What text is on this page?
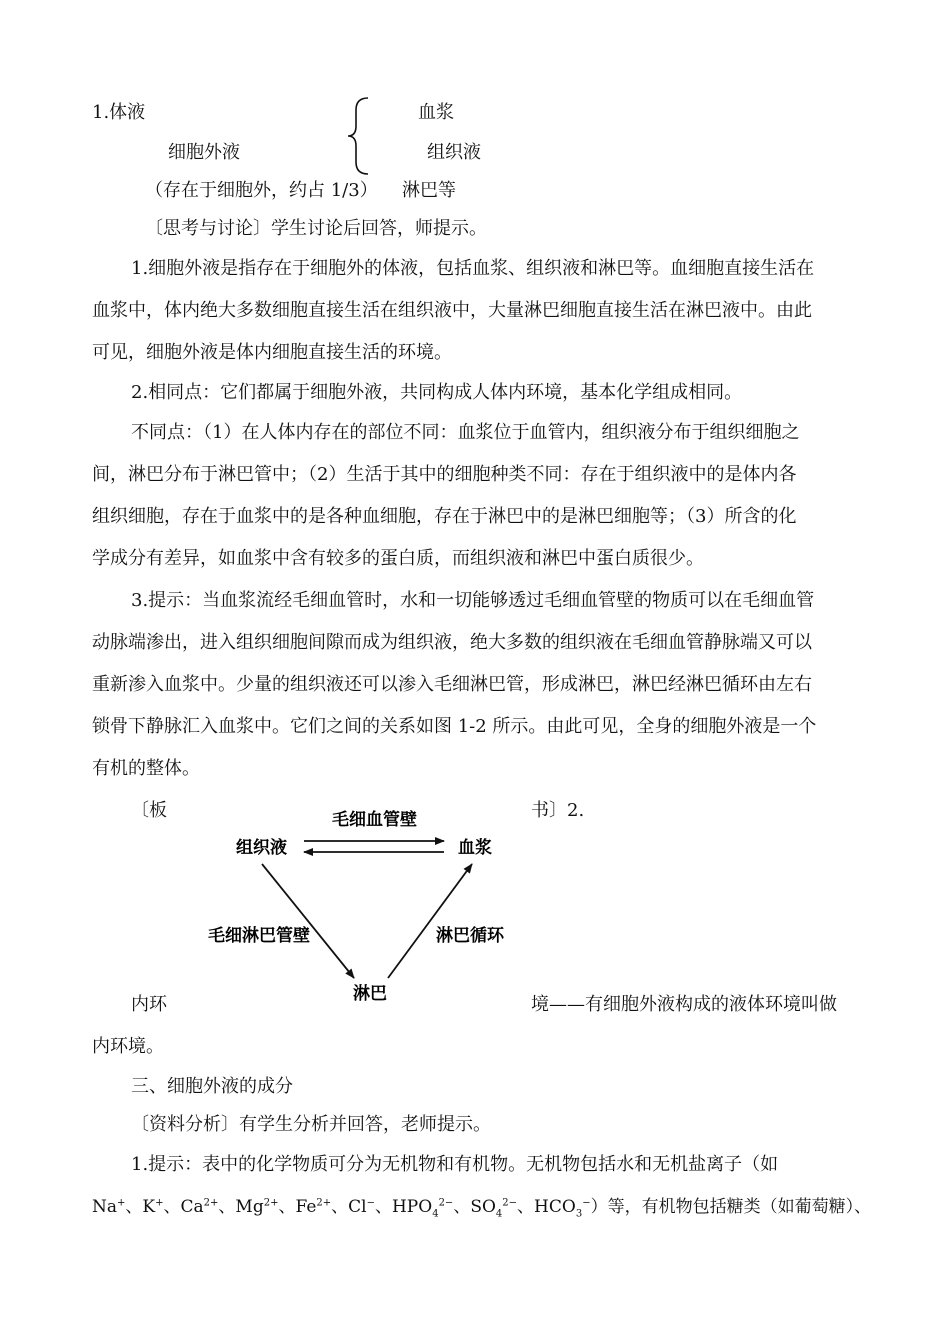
1.体液
细胞外液
（存在于细胞外，约占 1/3）
血浆
组织液
淋巴等
〔思考与讨论〕学生讨论后回答，师提示。
1.细胞外液是指存在于细胞外的体液，包括血浆、组织液和淋巴等。血细胞直接生活在
血浆中，体内绝大多数细胞直接生活在组织液中，大量淋巴细胞直接生活在淋巴液中。由此
可见，细胞外液是体内细胞直接生活的环境。
2.相同点：它们都属于细胞外液，共同构成人体内环境，基本化学组成相同。
不同点：（1）在人体内存在的部位不同：血浆位于血管内，组织液分布于组织细胞之
间，淋巴分布于淋巴管中；（2）生活于其中的细胞种类不同：存在于组织液中的是体内各
组织细胞，存在于血浆中的是各种血细胞，存在于淋巴中的是淋巴细胞等；（3）所含的化
学成分有差异，如血浆中含有较多的蛋白质，而组织液和淋巴中蛋白质很少。
3.提示：当血浆流经毛细血管时，水和一切能够透过毛细血管壁的物质可以在毛细血管
动脉端渗出，进入组织细胞间隙而成为组织液，绝大多数的组织液在毛细血管静脉端又可以
重新渗入血浆中。少量的组织液还可以渗入毛细淋巴管，形成淋巴，淋巴经淋巴循环由左右
锁骨下静脉汇入血浆中。它们之间的关系如图 1-2 所示。由此可见，全身的细胞外液是一个
有机的整体。
〔板	书〕2.
组织液	血浆
淋巴
毛细血管壁
毛细淋巴管壁	淋巴循环
内环	境——有细胞外液构成的液体环境叫做
内环境。
三、细胞外液的成分
〔资料分析〕有学生分析并回答，老师提示。
1.提示：表中的化学物质可分为无机物和有机物。无机物包括水和无机盐离子（如
Na+、K+、$Ca^{2+}$、$Mg^{2+}$、$Fe^{2+}$、Cl−、$HPO_4^{2-}$、$SO_4^{2-}$、$HCO_3^-$）等，有机物包括糖类（如葡萄糖）、
